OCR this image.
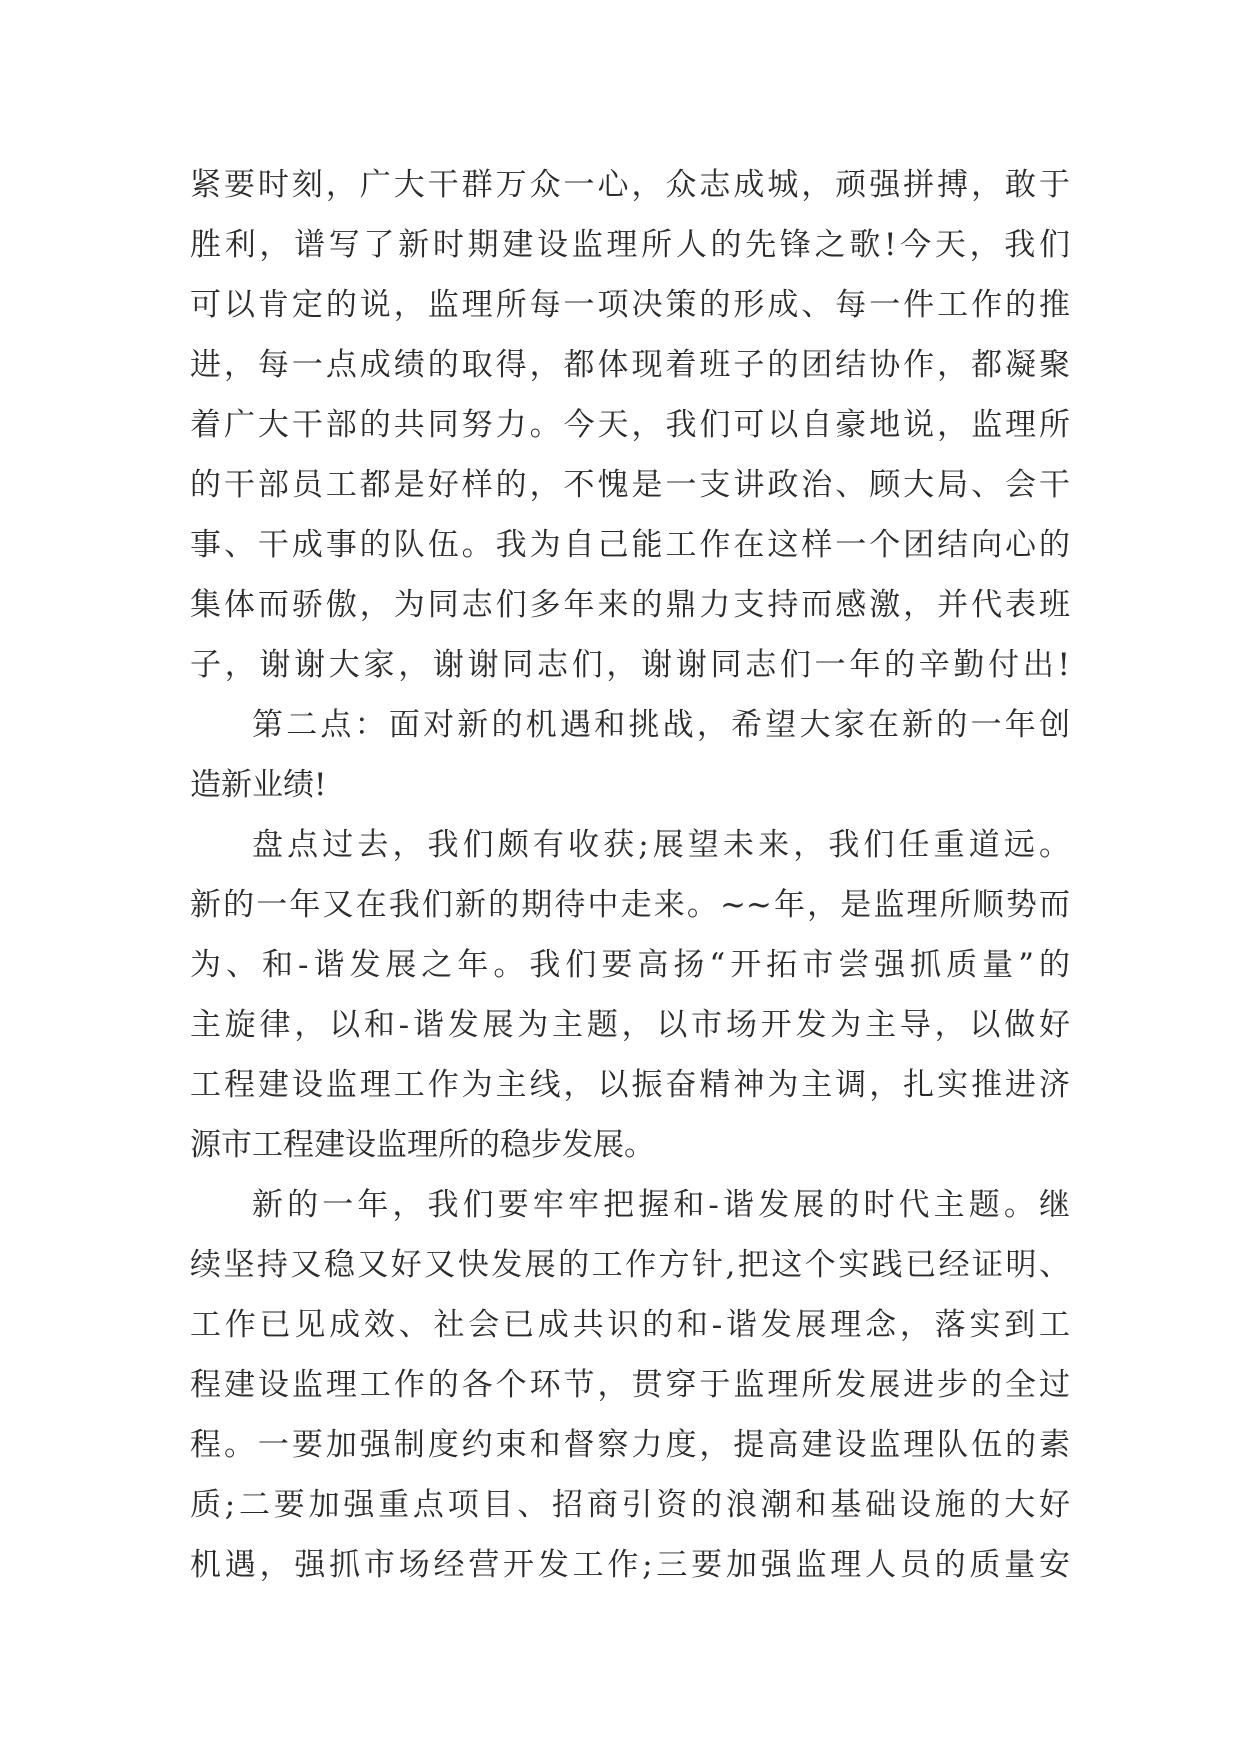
紧要时刻，广大干群万众一心，众志成城，顽强拼搏，敢于
胜利，谱写了新时期建设监理所人的先锋之歌!今天，我们
可以肯定的说，监理所每一项决策的形成、每一件工作的推
进，每一点成绩的取得，都体现着班子的团结协作，都凝聚
着广大干部的共同努力。今天，我们可以自豪地说，监理所
的干部员工都是好样的，不愧是一支讲政治、顾大局、会干
事、干成事的队伍。我为自己能工作在这样一个团结向心的
集体而骄傲，为同志们多年来的鼎力支持而感激，并代表班
子，谢谢大家，谢谢同志们，谢谢同志们一年的辛勤付出!
第二点：面对新的机遇和挑战，希望大家在新的一年创
造新业绩!
盘点过去，我们颇有收获;展望未来，我们任重道远。
新的一年又在我们新的期待中走来。~~年，是监理所顺势而
为、和-谐发展之年。我们要高扬“开拓市尝强抓质量”的
主旋律，以和-谐发展为主题，以市场开发为主导，以做好
工程建设监理工作为主线，以振奋精神为主调，扎实推进济
源市工程建设监理所的稳步发展。
新的一年，我们要牢牢把握和-谐发展的时代主题。继
续坚持又稳又好又快发展的工作方针,把这个实践已经证明、
工作已见成效、社会已成共识的和-谐发展理念，落实到工
程建设监理工作的各个环节，贯穿于监理所发展进步的全过
程。一要加强制度约束和督察力度，提高建设监理队伍的素
质;二要加强重点项目、招商引资的浪潮和基础设施的大好
机遇，强抓市场经营开发工作;三要加强监理人员的质量安
